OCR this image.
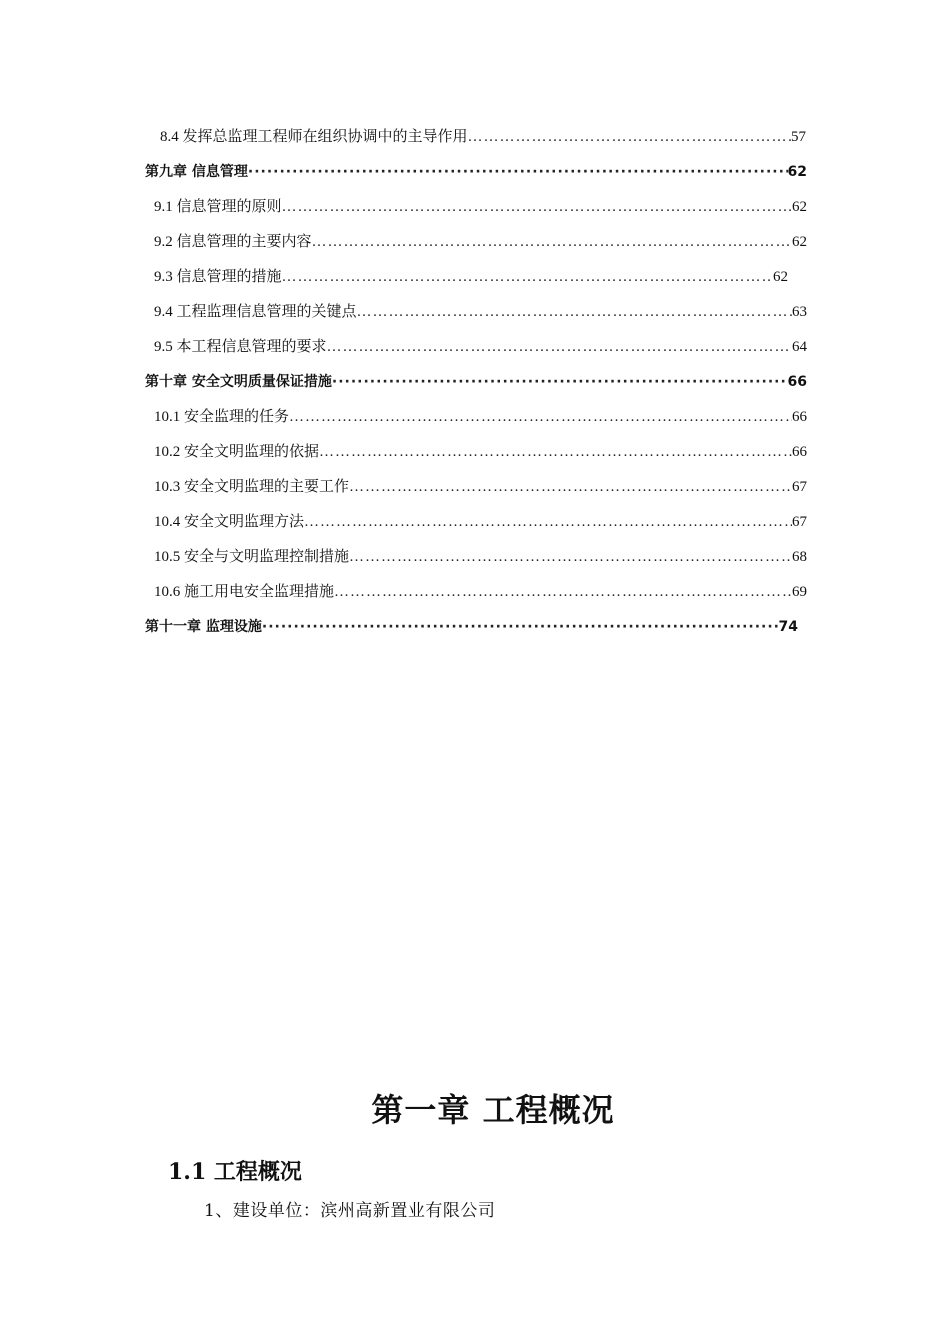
8.4 发挥总监理工程师在组织协调中的主导作用 ……………………………………………………………………………………………………………………………………………………………………………………	57
第九章 信息管理 ·····	62
9.1 信息管理的原则 ……………………………………………………………………………………………………………………………………………………………………………………	62
9.2 信息管理的主要内容 ……………………………………………………………………………………………………………………………………………………………………………………	62
9.3 信息管理的措施 ……………………………………………………………………………………………………………………………………………………………………………………	62
9.4 工程监理信息管理的关键点 ……………………………………………………………………………………………………………………………………………………………………………………	63
9.5 本工程信息管理的要求 ……………………………………………………………………………………………………………………………………………………………………………………	64
第十章 安全文明质量保证措施 ·····	66
10.1 安全监理的任务 ……………………………………………………………………………………………………………………………………………………………………………………	66
10.2 安全文明监理的依据 ……………………………………………………………………………………………………………………………………………………………………………………	66
10.3 安全文明监理的主要工作 ……………………………………………………………………………………………………………………………………………………………………………………	67
10.4 安全文明监理方法 ……………………………………………………………………………………………………………………………………………………………………………………	67
10.5 安全与文明监理控制措施 ……………………………………………………………………………………………………………………………………………………………………………………	68
10.6 施工用电安全监理措施 ……………………………………………………………………………………………………………………………………………………………………………………	69
第十一章 监理设施 ·····	74
第一章 工程概况
1.1 工程概况
1、建设单位：滨州高新置业有限公司
